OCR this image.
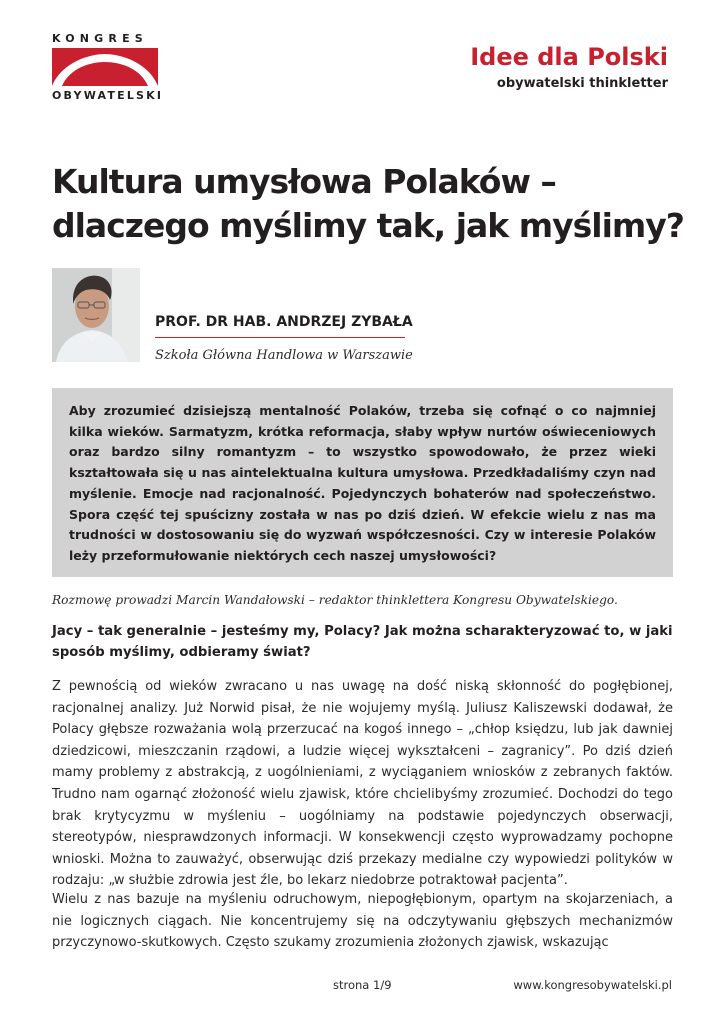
KONGRES
OBYWATELSKI
Idee dla Polski
obywatelski thinkletter
Kultura umysłowa Polaków –
dlaczego myślimy tak, jak myślimy?
PROF. DR HAB. ANDRZEJ ZYBAŁA
Szkoła Główna Handlowa w Warszawie
Aby zrozumieć dzisiejszą mentalność Polaków, trzeba się cofnąć o co najmniej kilka wieków. Sarmatyzm, krótka reformacja, słaby wpływ nurtów oświeceniowych oraz bardzo silny romantyzm – to wszystko spowodowało, że przez wieki kształtowała się u nas aintelektualna kultura umysłowa. Przedkładaliśmy czyn nad myślenie. Emocje nad racjonalność. Pojedynczych bohaterów nad społeczeństwo. Spora część tej spuścizny została w nas po dziś dzień. W efekcie wielu z nas ma trudności w dostosowaniu się do wyzwań współczesności. Czy w interesie Polaków leży przeformułowanie niektórych cech naszej umysłowości?
Rozmowę prowadzi Marcin Wandałowski – redaktor thinklettera Kongresu Obywatelskiego.
Jacy – tak generalnie – jesteśmy my, Polacy? Jak można scharakteryzować to, w jaki sposób myślimy, odbieramy świat?

Z pewnością od wieków zwracano u nas uwagę na dość niską skłonność do pogłębionej, racjonalnej analizy. Już Norwid pisał, że nie wojujemy myślą. Juliusz Kaliszewski dodawał, że Polacy głębsze rozważania wolą przerzucać na kogoś innego – „chłop księdzu, lub jak dawniej dziedzicowi, mieszczanin rządowi, a ludzie więcej wykształceni – zagranicy”. Po dziś dzień mamy problemy z abstrakcją, z uogólnieniami, z wyciąganiem wniosków z zebranych faktów. Trudno nam ogarnąć złożoność wielu zjawisk, które chcielibyśmy zrozumieć. Dochodzi do tego brak krytycyzmu w myśleniu – uogólniamy na podstawie pojedynczych obserwacji, stereotypów, niesprawdzonych informacji. W konsekwencji często wyprowadzamy pochopne wnioski. Można to zauważyć, obserwując dziś przekazy medialne czy wypowiedzi polityków w rodzaju: „w służbie zdrowia jest źle, bo lekarz niedobrze potraktował pacjenta”.

Wielu z nas bazuje na myśleniu odruchowym, niepogłębionym, opartym na skojarzeniach, a nie logicznych ciągach. Nie koncentrujemy się na odczytywaniu głębszych mechanizmów przyczynowo-skutkowych. Często szukamy zrozumienia złożonych zjawisk, wskazując

strona 1/9	www.kongresobywatelski.pl
